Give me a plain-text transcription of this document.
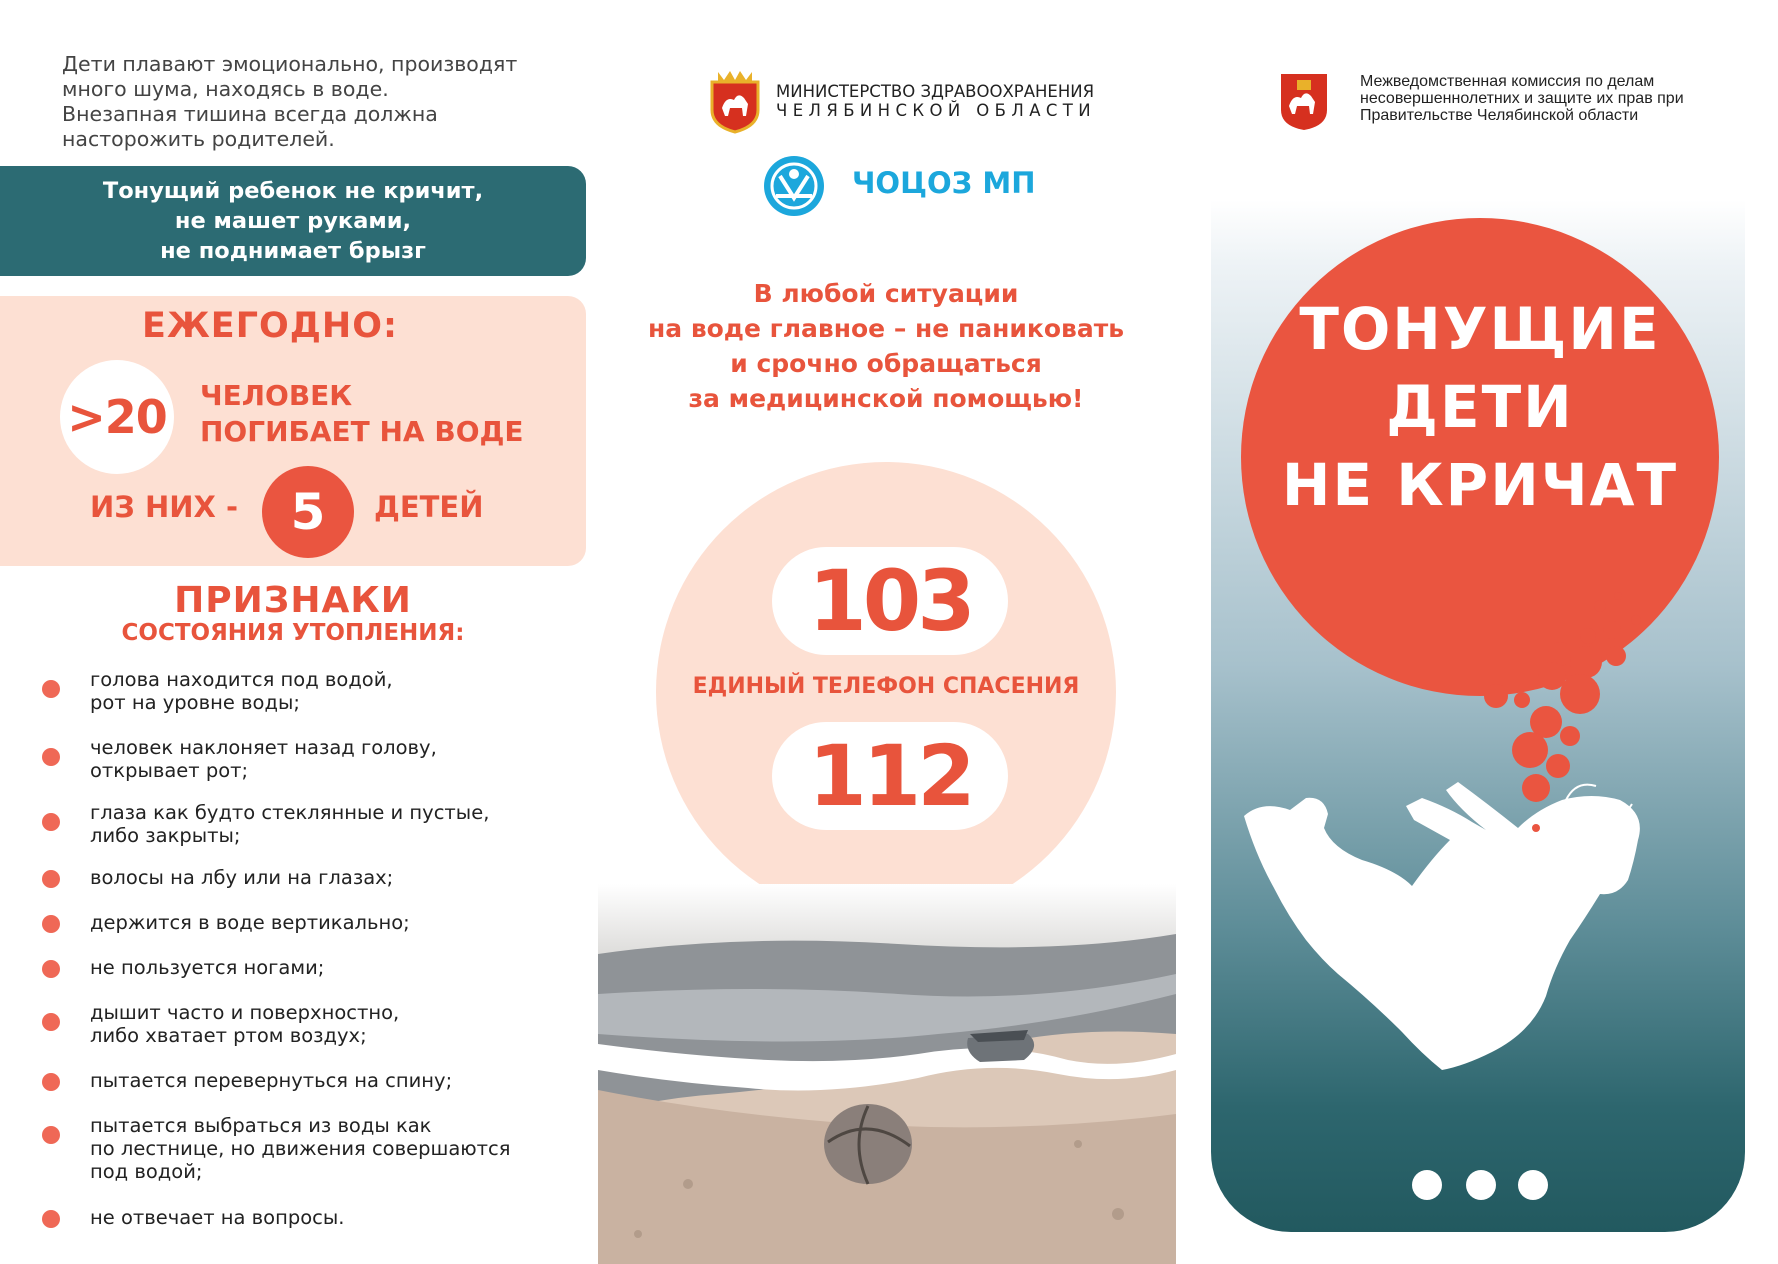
Дети плавают эмоционально, производят
много шума, находясь в воде.
Внезапная тишина всегда должна
насторожить родителей.
Тонущий ребенок не кричит,
не машет руками,
не поднимает брызг
ЕЖЕГОДНО:
>20 ЧЕЛОВЕК
ПОГИБАЕТ НА ВОДЕ
ИЗ НИХ -	5	ДЕТЕЙ
ПРИЗНАКИ
СОСТОЯНИЯ УТОПЛЕНИЯ:
голова находится под водой,
рот на уровне воды;
человек наклоняет назад голову,
открывает рот;
глаза как будто стеклянные и пустые,
либо закрыты;
волосы на лбу или на глазах;
держится в воде вертикально;
не пользуется ногами;
дышит часто и поверхностно,
либо хватает ртом воздух;
пытается перевернуться на спину;
пытается выбраться из воды как
по лестнице, но движения совершаются
под водой;
не отвечает на вопросы.
МИНИСТЕРСТВО ЗДРАВООХРАНЕНИЯ
ЧЕЛЯБИНСКОЙ ОБЛАСТИ
ЧОЦОЗ МП
В любой ситуации
на воде главное – не паниковать
и срочно обращаться
за медицинской помощью!
103
ЕДИНЫЙ ТЕЛЕФОН СПАСЕНИЯ
112
Межведомственная комиссия по делам
несовершеннолетних и защите их прав при
Правительстве Челябинской области
ТОНУЩИЕ
ДЕТИ
НЕ КРИЧАТ
